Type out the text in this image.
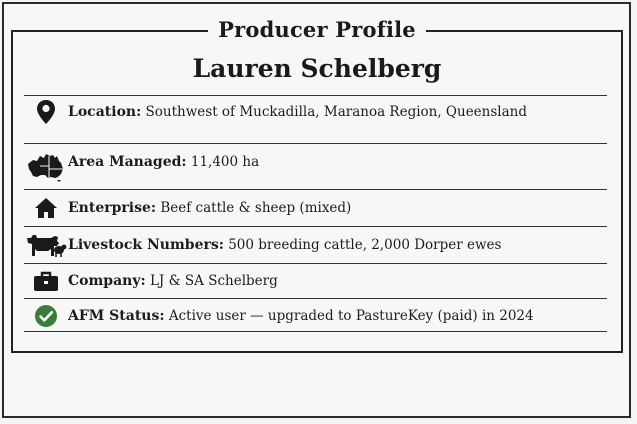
Producer Profile
Lauren Schelberg
Location: Southwest of Muckadilla, Maranoa Region, Queensland
Area Managed: 11,400 ha
Enterprise: Beef cattle & sheep (mixed)
Livestock Numbers: 500 breeding cattle, 2,000 Dorper ewes
Company: LJ & SA Schelberg
AFM Status: Active user — upgraded to PastureKey (paid) in 2024
